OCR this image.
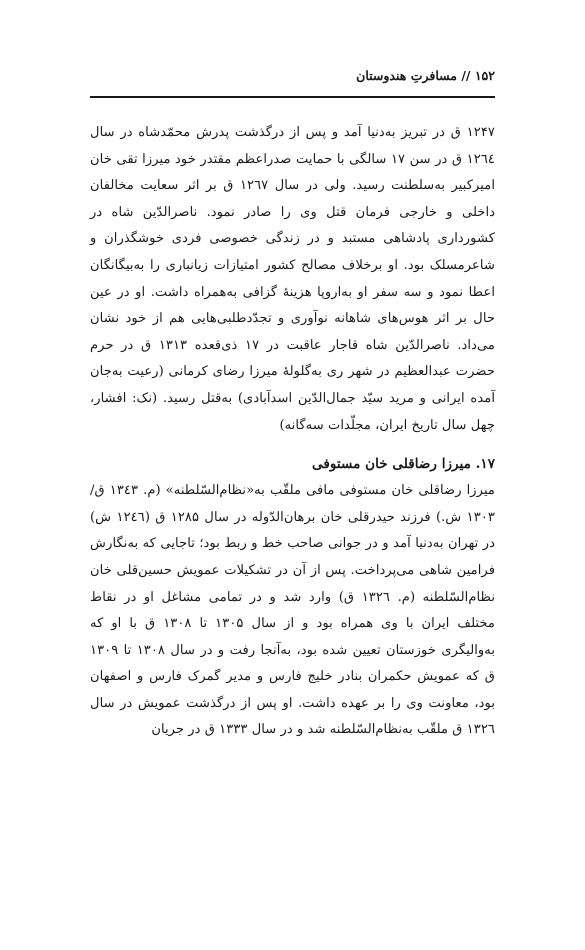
۱۵۲ // مسافرتِ هندوستان

۱۲۴۷ ق در تبریز به‌دنیا آمد و پس از درگذشت پدرش محمّدشاه در سال ۱۲٦٤ ق در سن ۱۷ سالگی با حمایت صدراعظم مقتدر خود میرزا تقی خان امیرکبیر به‌سلطنت رسید. ولی در سال ۱۲٦۷ ق بر اثر سعایت مخالفان داخلی و خارجی فرمان قتل وی را صادر نمود. ناصرالدّین شاه در کشورداری پادشاهی مستبد و در زندگی خصوصی فردی خوشگذران و شاعرمسلک بود. او برخلاف مصالح کشور امتیازات زیانباری را به‌بیگانگان اعطا نمود و سه سفر او به‌اروپا هزینهٔ گزافی به‌همراه داشت. او در عین حال بر اثر هوس‌های شاهانه نوآوری و تجدّدطلبی‌هایی هم از خود نشان می‌داد. ناصرالدّین شاه قاجار عاقبت در ۱۷ ذی‌قعده ۱۳۱۳ ق در حرم حضرت عبدالعظیم در شهر ری به‌گلولهٔ میرزا رضای کرمانی (رعیت به‌جان آمده ایرانی و مرید سیّد جمال‌الدّین اسدآبادی) به‌قتل رسید. (نک: افشار، چهل سال تاریخ ایران، مجلّدات سه‌گانه)

۱۷. میرزا رضاقلی خان مستوفی

میرزا رضاقلی خان مستوفی مافی ملقّب به«نظام‌السّلطنه» (م. ۱۳٤۳ ق/ ۱۳۰۳ ش.) فرزند حیدرقلی خان برهان‌الدّوله در سال ۱۲۸۵ ق (۱۲٤٦ ش) در تهران به‌دنیا آمد و در جوانی صاحب خط و ربط بود؛ تاجایی که به‌نگارش فرامین شاهی می‌پرداخت. پس از آن در تشکیلات عمویش حسین‌قلی خان نظام‌السّلطنه (م. ۱۳۲٦ ق) وارد شد و در تمامی مشاغل او در نقاط مختلف ایران با وی همراه بود و از سال ۱۳۰۵ تا ۱۳۰۸ ق با او که به‌والیگری خوزستان تعیین شده بود، به‌آنجا رفت و در سال ۱۳۰۸ تا ۱۳۰۹ ق که عمویش حکمران بنادر خلیج فارس و مدیر گمرک فارس و اصفهان بود، معاونت وی را بر عهده داشت. او پس از درگذشت عمویش در سال ۱۳۲٦ ق ملقّب به‌نظام‌السّلطنه شد و در سال ۱۳۳۳ ق در جریان
